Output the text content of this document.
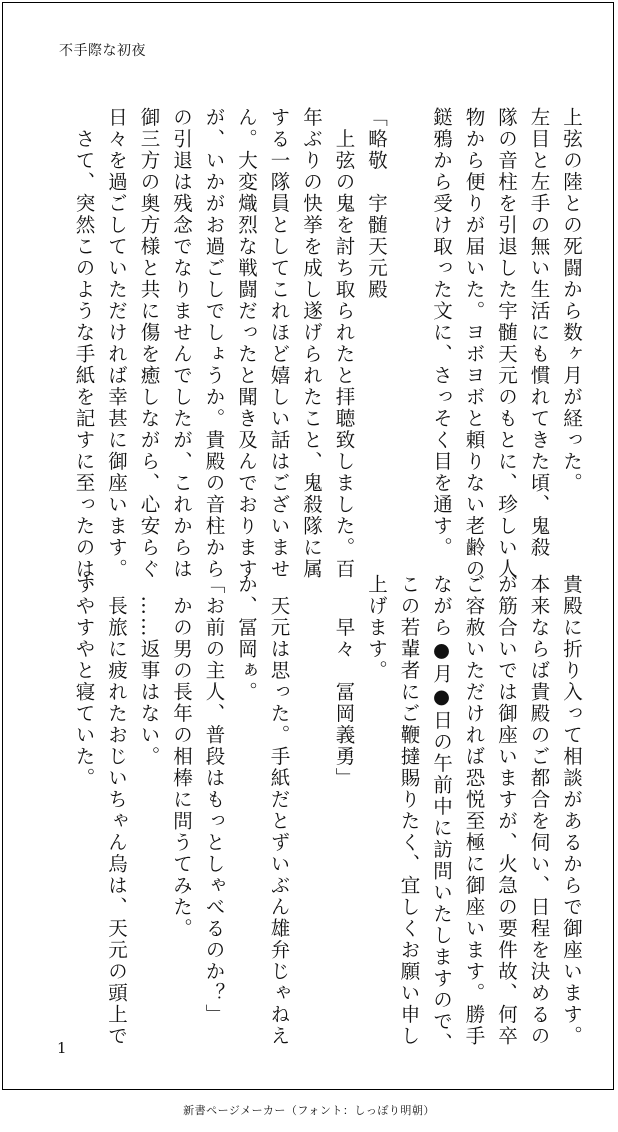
不手際な初夜
上弦の陸との死闘から数ヶ月が経った。
左目と左手の無い生活にも慣れてきた頃、鬼殺
隊の音柱を引退した宇髄天元のもとに、珍しい人
物から便りが届いた。ヨボヨボと頼りない老齢の
鎹鴉から受け取った文に、さっそく目を通す。

「略敬　宇髄天元殿
　上弦の鬼を討ち取られたと拝聴致しました。百
年ぶりの快挙を成し遂げられたこと、鬼殺隊に属
する一隊員としてこれほど嬉しい話はございませ
ん。大変熾烈な戦闘だったと聞き及んでおります
が、いかがお過ごしでしょうか。貴殿の音柱から
の引退は残念でなりませんでしたが、これからは
御三方の奥方様と共に傷を癒しながら、心安らぐ
日々を過ごしていただければ幸甚に御座います。
　さて、突然このような手紙を記すに至ったのは、
貴殿に折り入って相談があるからで御座います。
本来ならば貴殿のご都合を伺い、日程を決めるの
が筋合いでは御座いますが、火急の要件故、何卒
ご容赦いただければ恐悦至極に御座います。勝手
ながら●月●日の午前中に訪問いたしますので、
この若輩者にご鞭撻賜りたく、宜しくお願い申し
上げます。
　　早々　冨岡義勇」

　天元は思った。手紙だとずいぶん雄弁じゃねえ
か、冨岡ぁ。
「お前の主人、普段はもっとしゃべるのか？」
　かの男の長年の相棒に問うてみた。
　……返事はない。
　長旅に疲れたおじいちゃん烏は、天元の頭上で
すやすやと寝ていた。
1
新書ページメーカー（フォント：しっぽり明朝）
